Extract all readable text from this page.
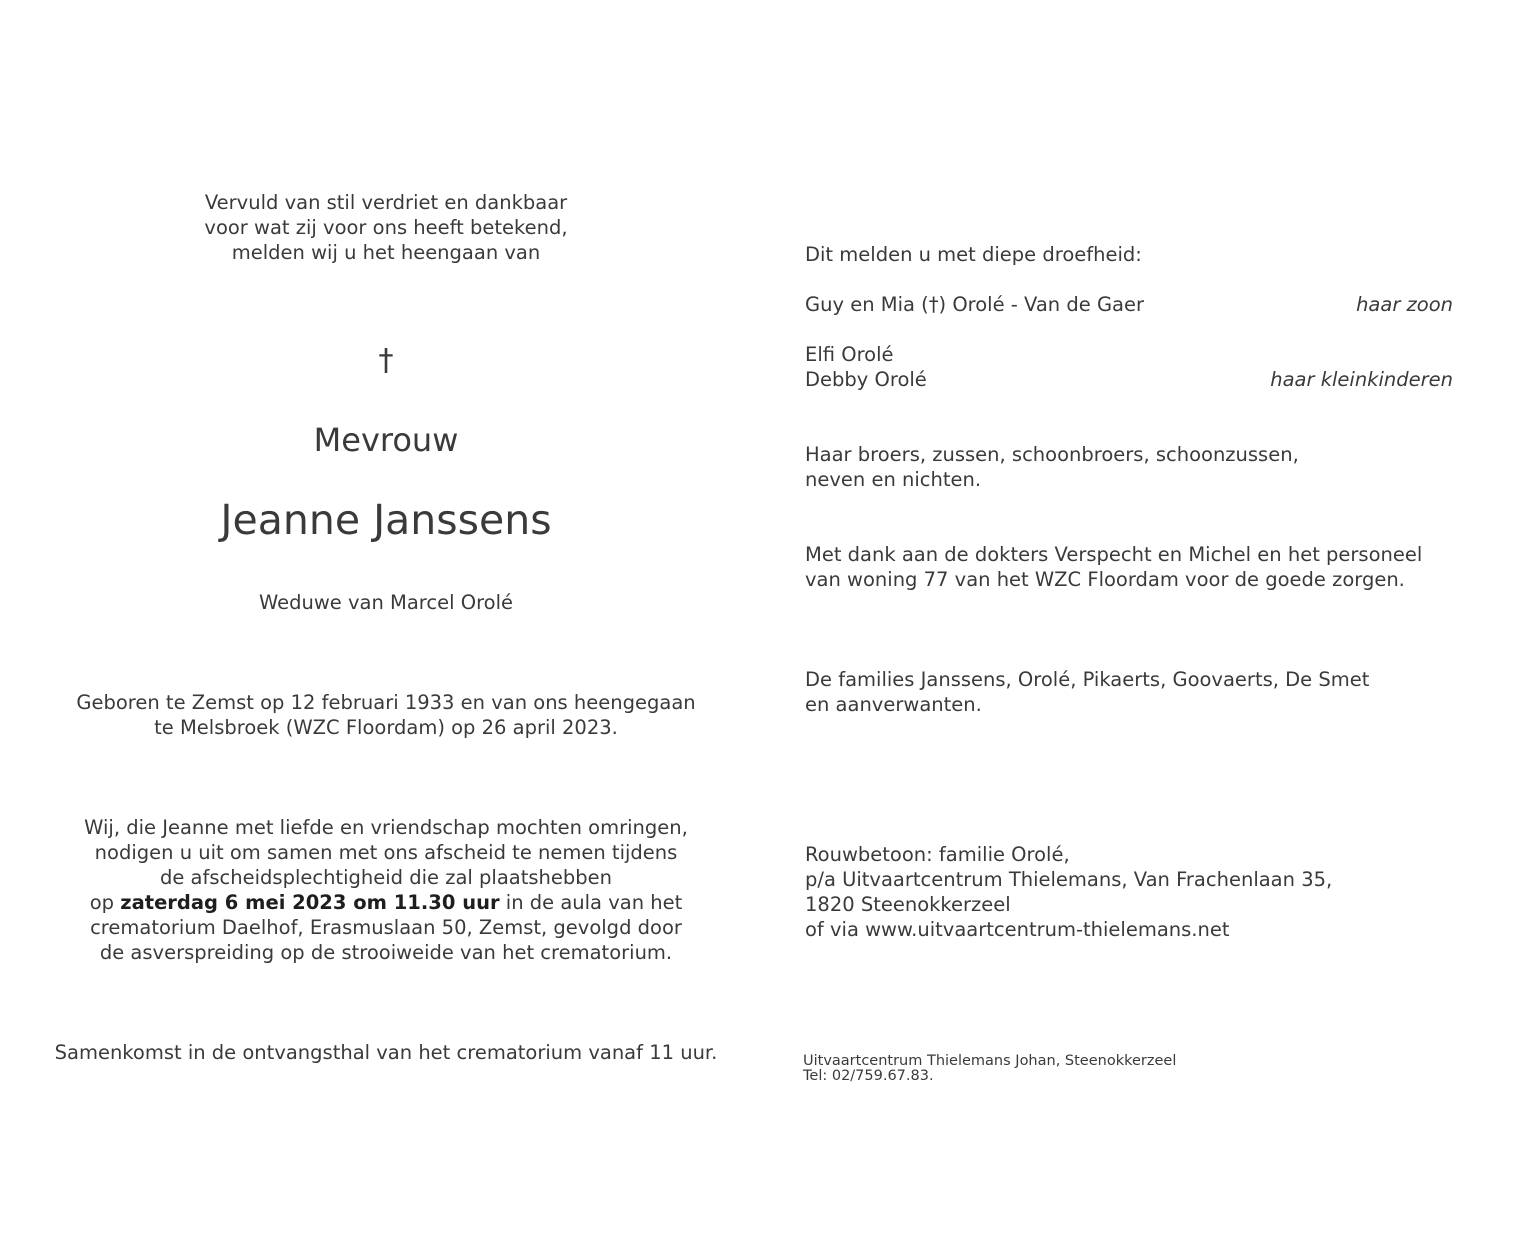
Vervuld van stil verdriet en dankbaar
voor wat zij voor ons heeft betekend,
melden wij u het heengaan van

†

Mevrouw

Jeanne Janssens

Weduwe van Marcel Orolé

Geboren te Zemst op 12 februari 1933 en van ons heengegaan
te Melsbroek (WZC Floordam) op 26 april 2023.

Wij, die Jeanne met liefde en vriendschap mochten omringen,
nodigen u uit om samen met ons afscheid te nemen tijdens
de afscheidsplechtigheid die zal plaatshebben
op zaterdag 6 mei 2023 om 11.30 uur in de aula van het
crematorium Daelhof, Erasmuslaan 50, Zemst, gevolgd door
de asverspreiding op de strooiweide van het crematorium.

Samenkomst in de ontvangsthal van het crematorium vanaf 11 uur.

Dit melden u met diepe droefheid:

Guy en Mia (†) Orolé - Van de Gaer	haar zoon
Elfi Orolé
Debby Orolé	haar kleinkinderen

Haar broers, zussen, schoonbroers, schoonzussen,
neven en nichten.

Met dank aan de dokters Verspecht en Michel en het personeel
van woning 77 van het WZC Floordam voor de goede zorgen.

De families Janssens, Orolé, Pikaerts, Goovaerts, De Smet
en aanverwanten.

Rouwbetoon: familie Orolé,
p/a Uitvaartcentrum Thielemans, Van Frachenlaan 35,
1820 Steenokkerzeel
of via www.uitvaartcentrum-thielemans.net

Uitvaartcentrum Thielemans Johan, Steenokkerzeel
Tel: 02/759.67.83.
